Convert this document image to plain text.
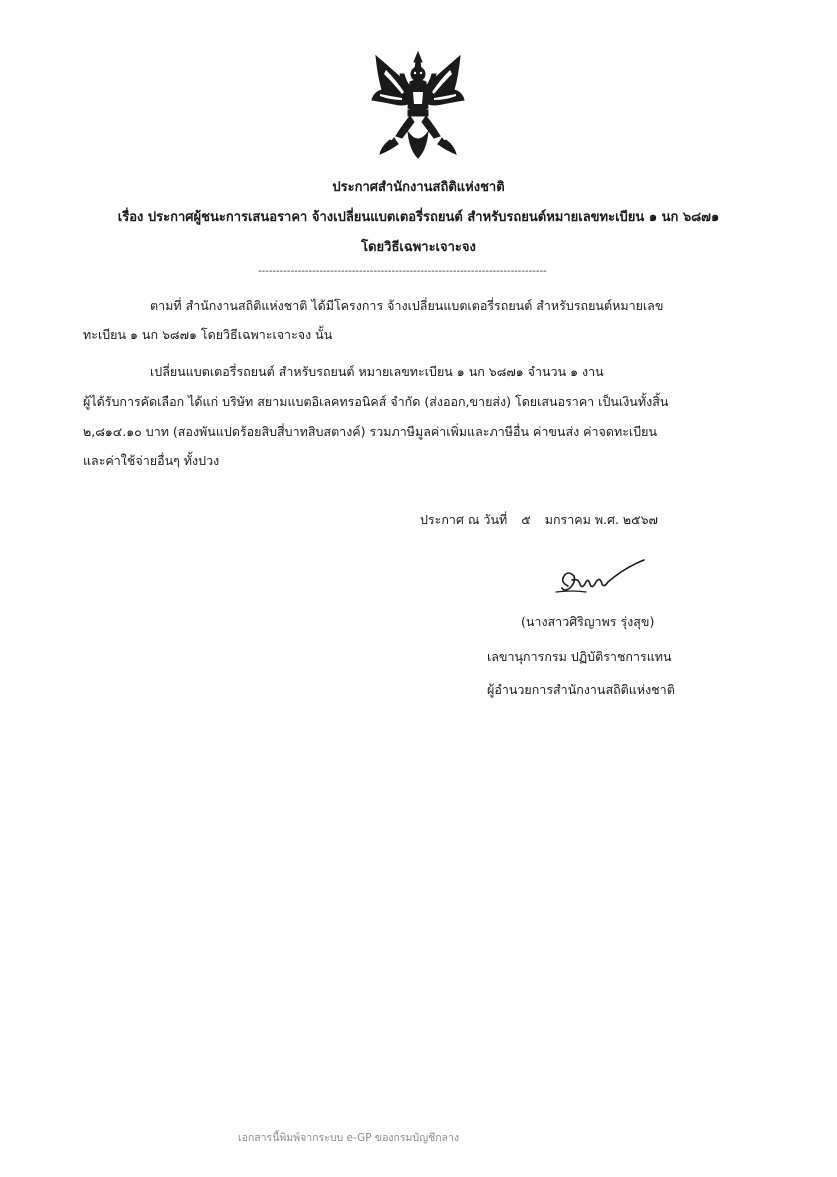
ประกาศสำนักงานสถิติแห่งชาติ
เรื่อง ประกาศผู้ชนะการเสนอราคา จ้างเปลี่ยนแบตเตอรี่รถยนต์ สำหรับรถยนต์หมายเลขทะเบียน ๑ นก ๖๘๗๑
โดยวิธีเฉพาะเจาะจง
--------------------------------------------------------------------------------
ตามที่ สำนักงานสถิติแห่งชาติ ได้มีโครงการ จ้างเปลี่ยนแบตเตอรี่รถยนต์ สำหรับรถยนต์หมายเลข
ทะเบียน ๑ นก ๖๘๗๑ โดยวิธีเฉพาะเจาะจง นั้น
เปลี่ยนแบตเตอรี่รถยนต์ สำหรับรถยนต์ หมายเลขทะเบียน ๑ นก ๖๘๗๑ จำนวน ๑ งาน
ผู้ได้รับการคัดเลือก ได้แก่ บริษัท สยามแบตอิเลคทรอนิคส์ จำกัด (ส่งออก,ขายส่ง) โดยเสนอราคา เป็นเงินทั้งสิ้น
๒,๘๑๔.๑๐ บาท (สองพันแปดร้อยสิบสี่บาทสิบสตางค์) รวมภาษีมูลค่าเพิ่มและภาษีอื่น ค่าขนส่ง ค่าจดทะเบียน
และค่าใช้จ่ายอื่นๆ ทั้งปวง
ประกาศ ณ วันที่ ๕ มกราคม พ.ศ. ๒๕๖๗
(นางสาวศิริญาพร รุ่งสุข)
เลขานุการกรม ปฏิบัติราชการแทน
ผู้อำนวยการสำนักงานสถิติแห่งชาติ
เอกสารนี้พิมพ์จากระบบ e-GP ของกรมบัญชีกลาง
